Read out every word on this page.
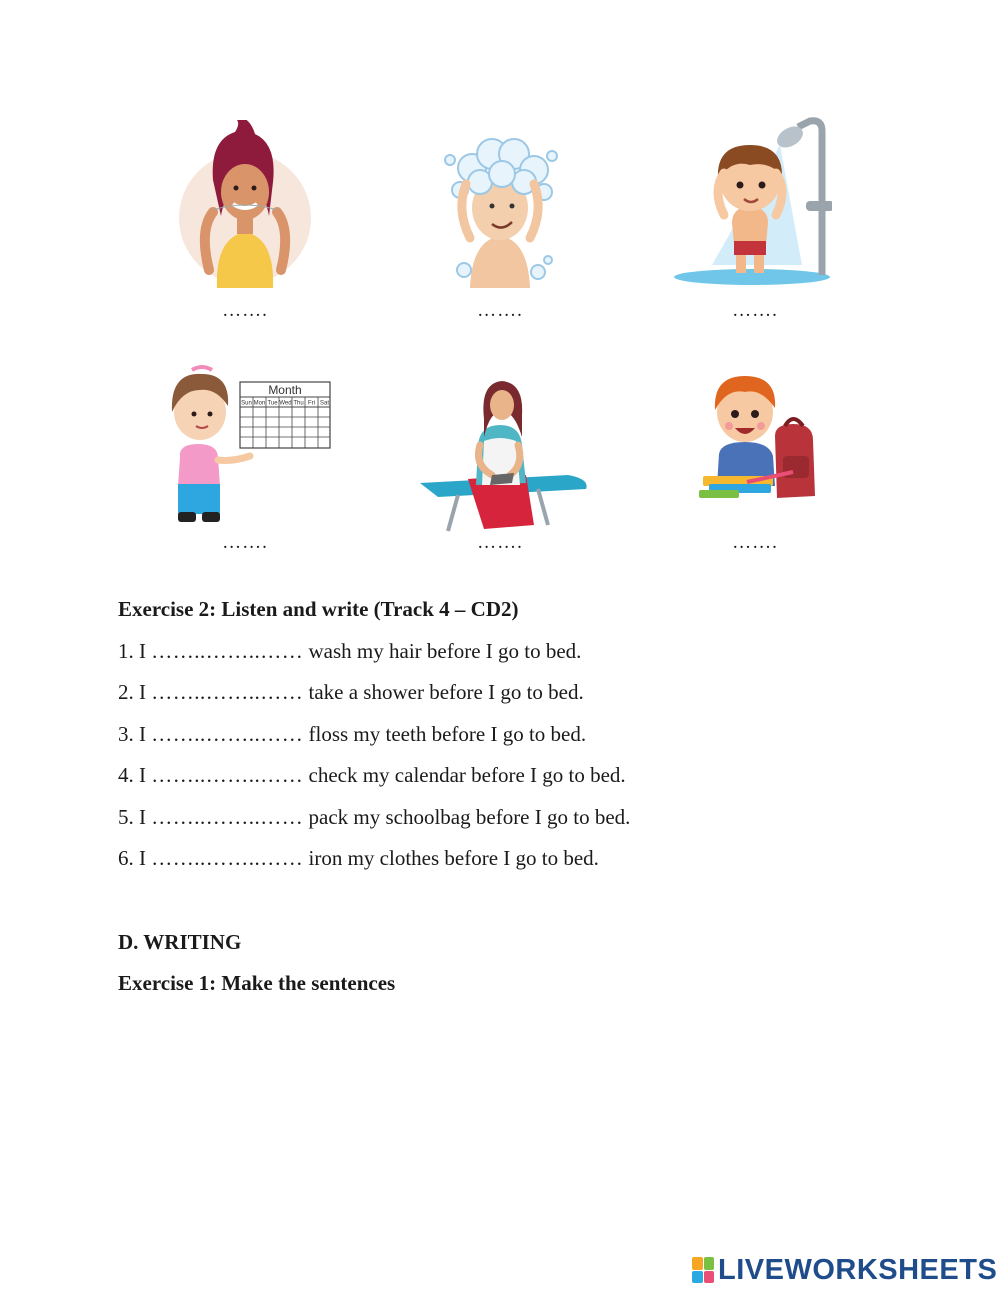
…….	…….	…….
Month
Sun Mon Tue Wed Thu Fri Sat
…….	…….	…….
Exercise 2: Listen and write (Track 4 – CD2)
1. I ……..……..…… wash my hair before I go to bed.
2. I ……..……..…… take a shower before I go to bed.
3. I ……..……..…… floss my teeth before I go to bed.
4. I ……..……..…… check my calendar before I go to bed.
5. I ……..……..…… pack my schoolbag before I go to bed.
6. I ……..……..…… iron my clothes before I go to bed.
D. WRITING
Exercise 1: Make the sentences
LIVEWORKSHEETS
